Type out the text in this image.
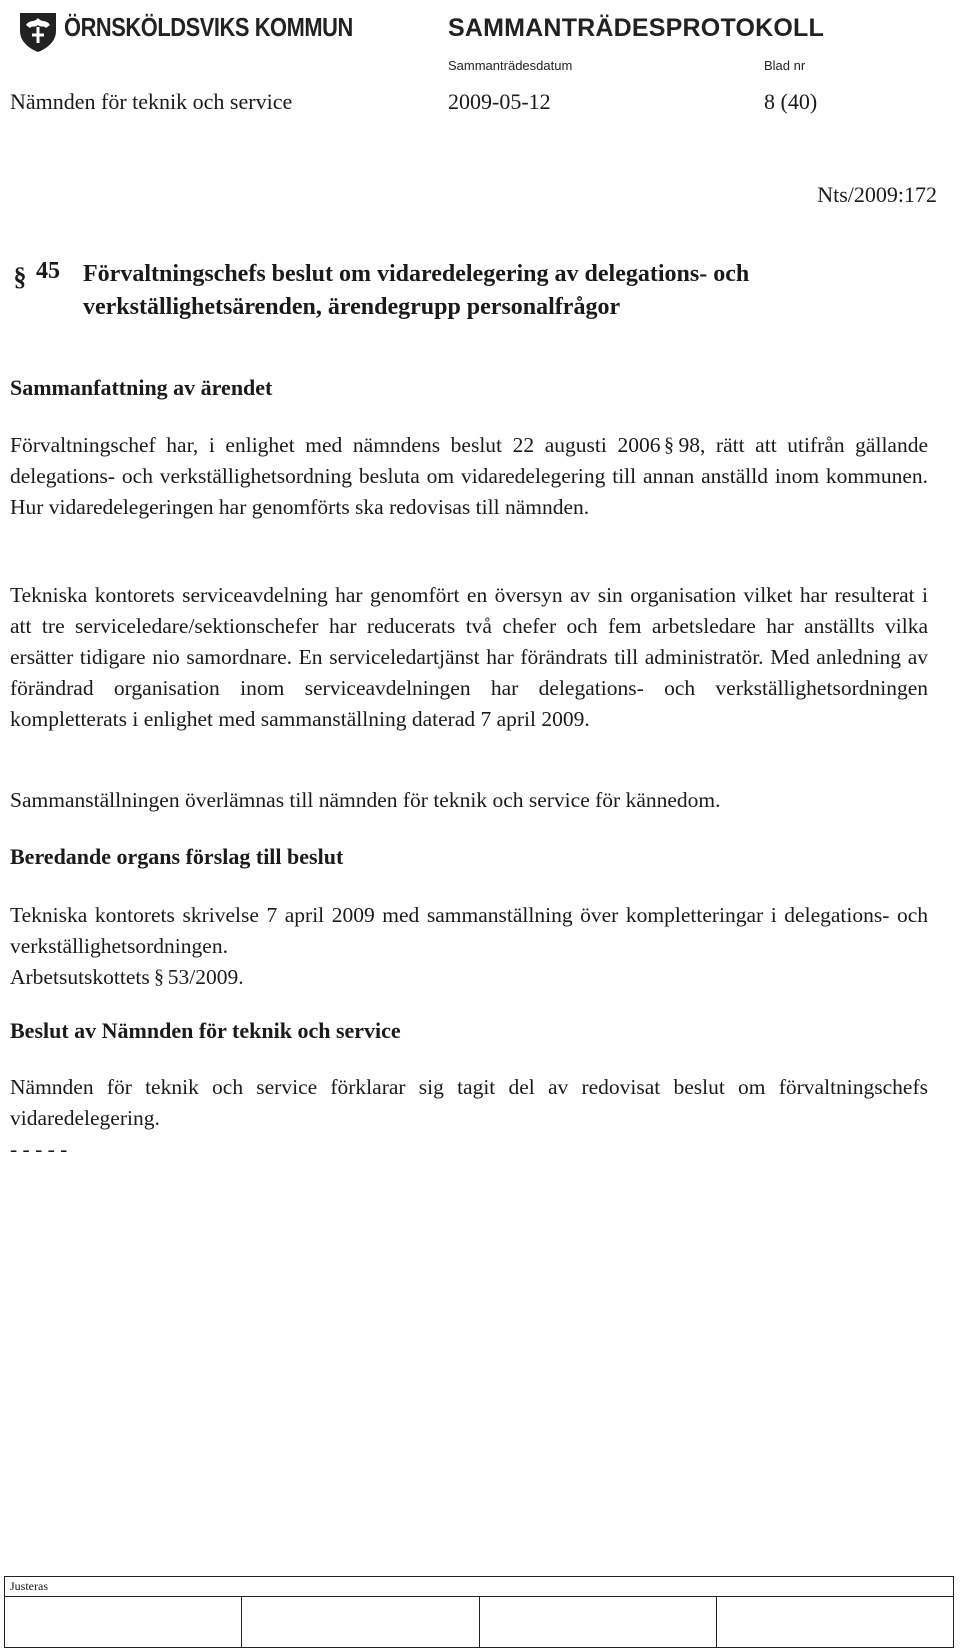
ÖRNSKÖLDSVIKS KOMMUN	SAMMANTRÄDESPROTOKOLL
Sammanträdesdatum	Blad nr
Nämnden för teknik och service	2009-05-12	8 (40)
Nts/2009:172
§ 45 Förvaltningschefs beslut om vidaredelegering av delegations- och verkställighetsärenden, ärendegrupp personalfrågor
Sammanfattning av ärendet

Förvaltningschef har, i enlighet med nämndens beslut 22 augusti 2006 § 98, rätt att utifrån gällande delegations- och verkställighetsordning besluta om vidaredelegering till annan anställd inom kommunen. Hur vidaredelegeringen har genomförts ska redovisas till nämnden.

Tekniska kontorets serviceavdelning har genomfört en översyn av sin organisation vilket har resulterat i att tre serviceledare/sektionschefer har reducerats två chefer och fem arbetsledare har anställts vilka ersätter tidigare nio samordnare. En serviceledartjänst har förändrats till administratör. Med anledning av förändrad organisation inom serviceavdelningen har delegations- och verkställighetsordningen kompletterats i enlighet med sammanställning daterad 7 april 2009.
Sammanställningen överlämnas till nämnden för teknik och service för kännedom.
Beredande organs förslag till beslut
Tekniska kontorets skrivelse 7 april 2009 med sammanställning över kompletteringar i delegations- och verkställighetsordningen.

Arbetsutskottets § 53/2009.

Beslut av Nämnden för teknik och service
Nämnden för teknik och service förklarar sig tagit del av redovisat beslut om förvaltningschefs vidaredelegering.
- - - - -
Justeras
